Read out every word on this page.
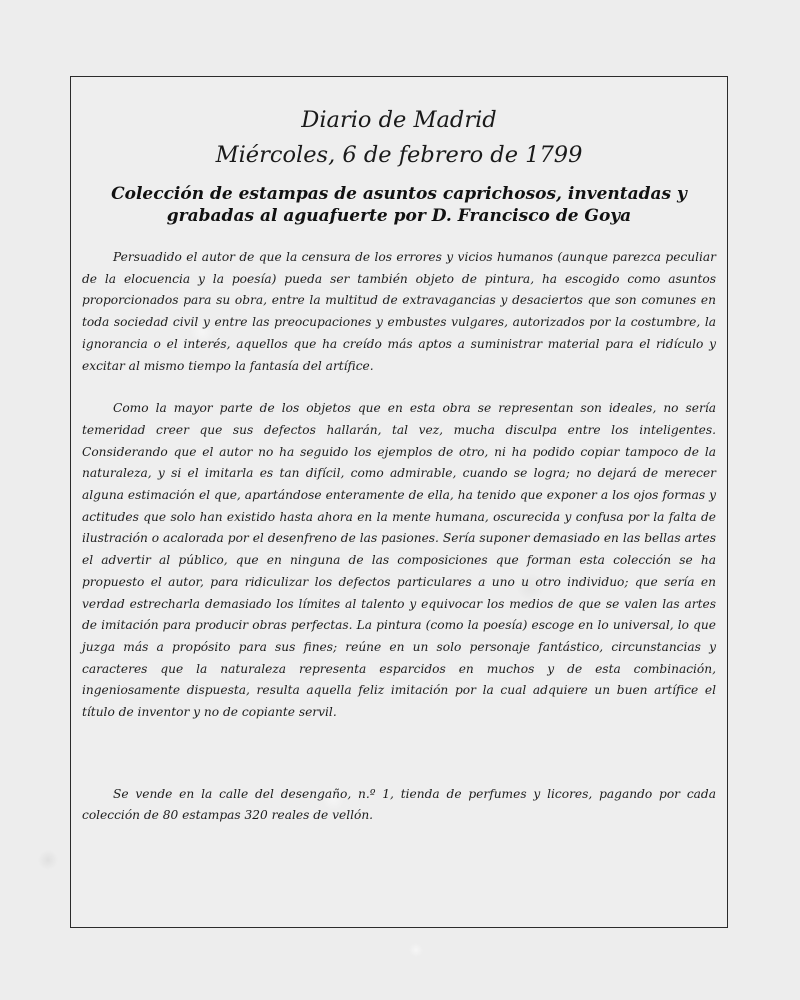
Diario de Madrid
Miércoles, 6 de febrero de 1799
Colección de estampas de asuntos caprichosos, inventadas y grabadas al aguafuerte por D. Francisco de Goya

Persuadido el autor de que la censura de los errores y vicios humanos (aunque parezca peculiar de la elocuencia y la poesía) pueda ser también objeto de pintura, ha escogido como asuntos proporcionados para su obra, entre la multitud de extravagancias y desaciertos que son comunes en toda sociedad civil y entre las preocupaciones y embustes vulgares, autorizados por la costumbre, la ignorancia o el interés, aquellos que ha creído más aptos a suministrar material para el ridículo y excitar al mismo tiempo la fantasía del artífice.

Como la mayor parte de los objetos que en esta obra se representan son ideales, no sería temeridad creer que sus defectos hallarán, tal vez, mucha disculpa entre los inteligentes. Considerando que el autor no ha seguido los ejemplos de otro, ni ha podido copiar tampoco de la naturaleza, y si el imitarla es tan difícil, como admirable, cuando se logra; no dejará de merecer alguna estimación el que, apartándose enteramente de ella, ha tenido que exponer a los ojos formas y actitudes que solo han existido hasta ahora en la mente humana, oscurecida y confusa por la falta de ilustración o acalorada por el desenfreno de las pasiones. Sería suponer demasiado en las bellas artes el advertir al público, que en ninguna de las composiciones que forman esta colección se ha propuesto el autor, para ridiculizar los defectos particulares a uno u otro individuo; que sería en verdad estrecharla demasiado los límites al talento y equivocar los medios de que se valen las artes de imitación para producir obras perfectas. La pintura (como la poesía) escoge en lo universal, lo que juzga más a propósito para sus fines; reúne en un solo personaje fantástico, circunstancias y caracteres que la naturaleza representa esparcidos en muchos y de esta combinación, ingeniosamente dispuesta, resulta aquella feliz imitación por la cual adquiere un buen artífice el título de inventor y no de copiante servil.

Se vende en la calle del desengaño, n.º 1, tienda de perfumes y licores, pagando por cada colección de 80 estampas 320 reales de vellón.
